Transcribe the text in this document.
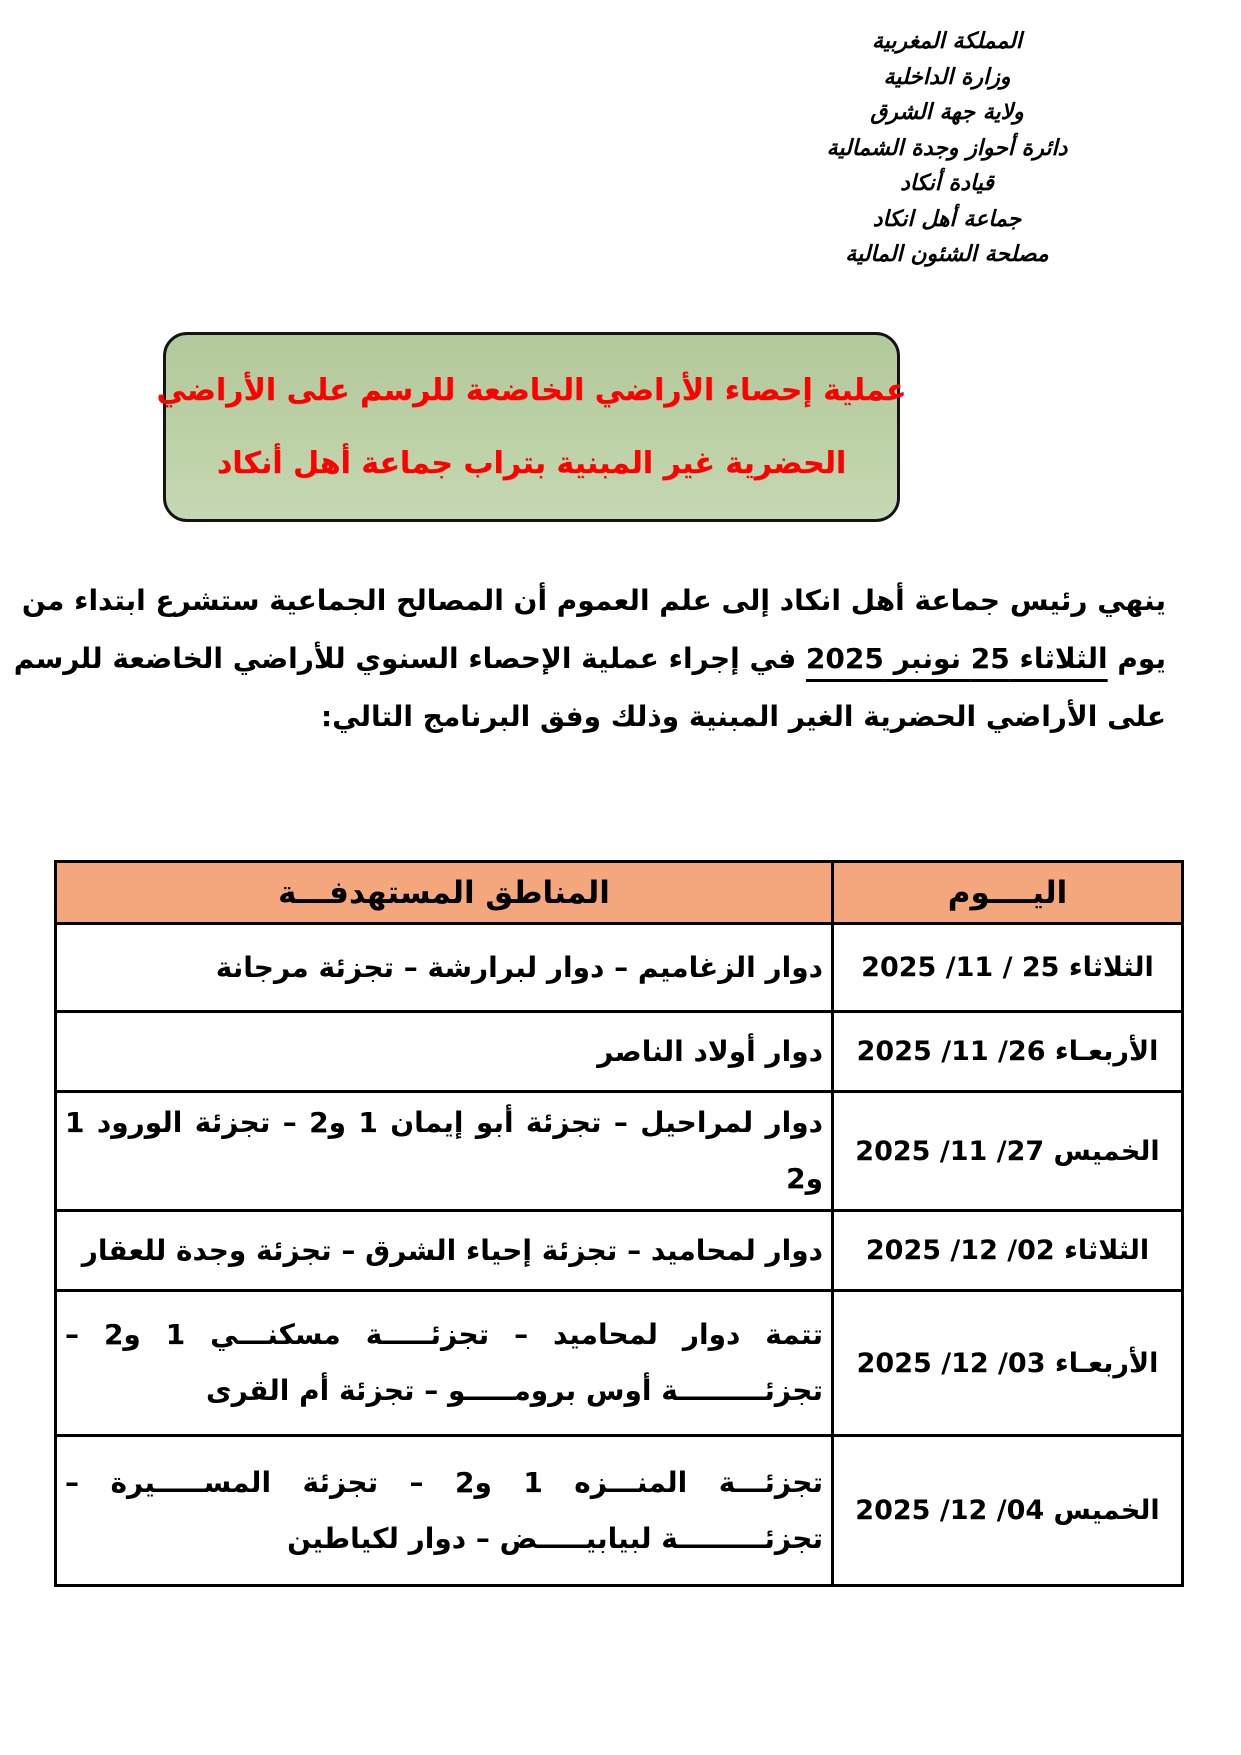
المملكة المغربية
وزارة الداخلية
ولاية جهة الشرق
دائرة أحواز وجدة الشمالية
قيادة أنكاد
جماعة أهل انكاد
مصلحة الشئون المالية
عملية إحصاء الأراضي الخاضعة للرسم على الأراضي
الحضرية غير المبنية بتراب جماعة أهل أنكاد
ينهي رئيس جماعة أهل انكاد إلى علم العموم أن المصالح الجماعية ستشرع ابتداء من
يوم الثلاثاء 25 نونبر 2025 في إجراء عملية الإحصاء السنوي للأراضي الخاضعة للرسم
على الأراضي الحضرية الغير المبنية وذلك وفق البرنامج التالي:
اليــــوم	المناطق المستهدفـــة
الثلاثاء 25 / 11/ 2025	دوار الزغاميم – دوار لبرارشة – تجزئة مرجانة
الأربعـاء 26/ 11/ 2025	دوار أولاد الناصر
الخميس 27/ 11/ 2025	دوار لمراحيل – تجزئة أبو إيمان 1 و2 – تجزئة الورود 1 و2
الثلاثاء 02/ 12/ 2025	دوار لمحاميد – تجزئة إحياء الشرق – تجزئة وجدة للعقار
الأربعـاء 03/ 12/ 2025	تتمة دوار لمحاميد – تجزئـــــة مسكنـــي 1 و2 – تجزئـــــــــة أوس برومـــــو – تجزئة أم القرى
الخميس 04/ 12/ 2025	تجزئـــة المنـــزه 1 و2 – تجزئة المســـــيرة – تجزئـــــــــة لبيابيـــــض – دوار لكياطين
